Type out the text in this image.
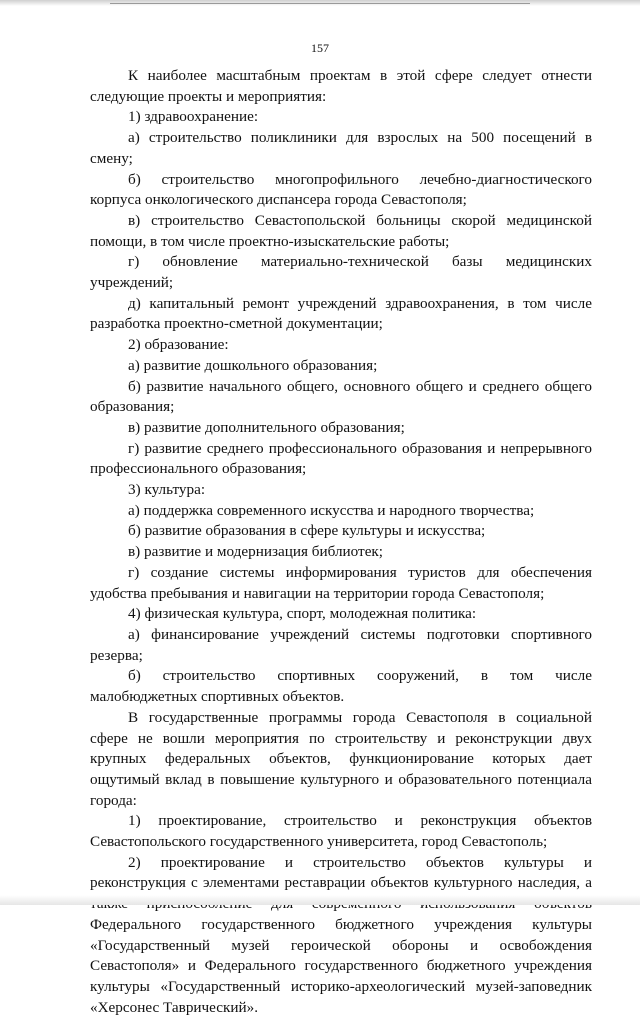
157

К наиболее масштабным проектам в этой сфере следует отнести следующие проекты и мероприятия:

1) здравоохранение:

а) строительство поликлиники для взрослых на 500 посещений в смену;

б) строительство многопрофильного лечебно-диагностического корпуса онкологического диспансера города Севастополя;

в) строительство Севастопольской больницы скорой медицинской помощи, в том числе проектно-изыскательские работы;

г) обновление материально-технической базы медицинских учреждений;

д) капитальный ремонт учреждений здравоохранения, в том числе разработка проектно-сметной документации;

2) образование:

а) развитие дошкольного образования;

б) развитие начального общего, основного общего и среднего общего образования;

в) развитие дополнительного образования;

г) развитие среднего профессионального образования и непрерывного профессионального образования;

3) культура:

а) поддержка современного искусства и народного творчества;

б) развитие образования в сфере культуры и искусства;

в) развитие и модернизация библиотек;

г) создание системы информирования туристов для обеспечения удобства пребывания и навигации на территории города Севастополя;

4) физическая культура, спорт, молодежная политика:

а) финансирование учреждений системы подготовки спортивного резерва;

б) строительство спортивных сооружений, в том числе малобюджетных спортивных объектов.

В государственные программы города Севастополя в социальной сфере не вошли мероприятия по строительству и реконструкции двух крупных федеральных объектов, функционирование которых дает ощутимый вклад в повышение культурного и образовательного потенциала города:

1) проектирование, строительство и реконструкция объектов Севастопольского государственного университета, город Севастополь;

2) проектирование и строительство объектов культуры и реконструкция с элементами реставрации объектов культурного наследия, а Федерального государственного бюджетного учреждения культуры «Государственный музей героической обороны и освобождения Севастополя» и Федерального государственного бюджетного учреждения культуры «Государственный историко-археологический музей-заповедник «Херсонес Таврический».
